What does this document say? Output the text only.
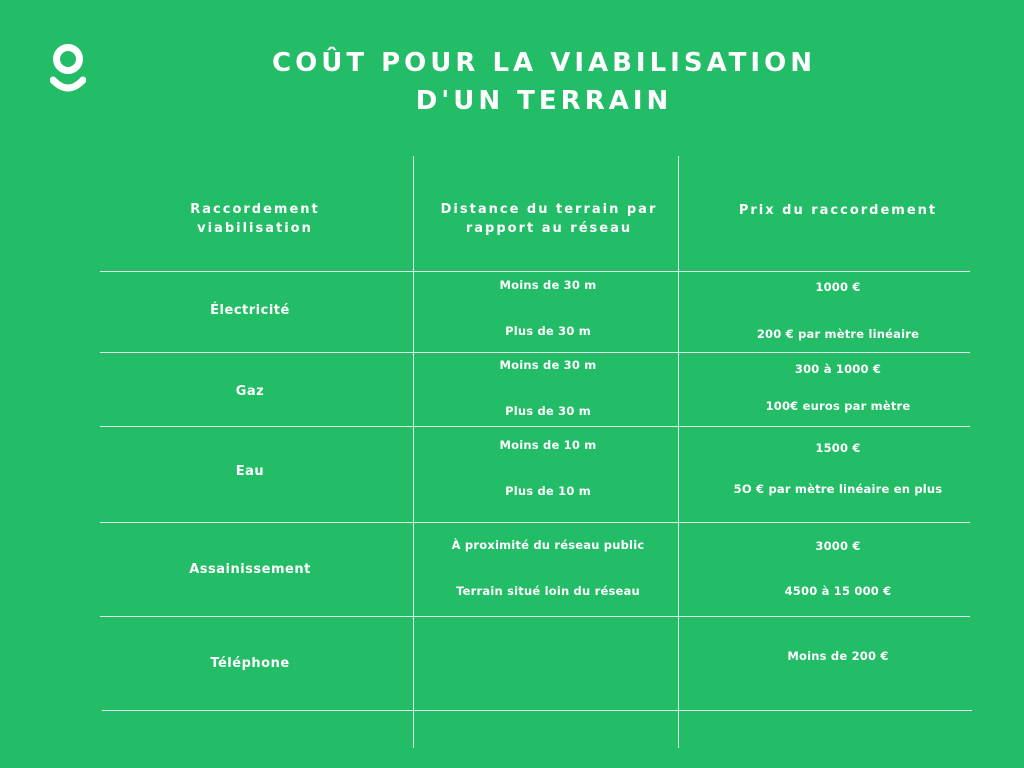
COÛT POUR LA VIABILISATION
D'UN TERRAIN
Raccordement viabilisation
Distance du terrain par rapport au réseau
Prix du raccordement
Électricité
Moins de 30 m
Plus de 30 m
1000 €
200 € par mètre linéaire
Gaz
Moins de 30 m
Plus de 30 m
300 à 1000 €
100€ euros par mètre
Eau
Moins de 10 m
Plus de 10 m
1500 €
5O € par mètre linéaire en plus
Assainissement
À proximité du réseau public
Terrain situé loin du réseau
3000 €
4500 à 15 000 €
Téléphone	Moins de 200 €
